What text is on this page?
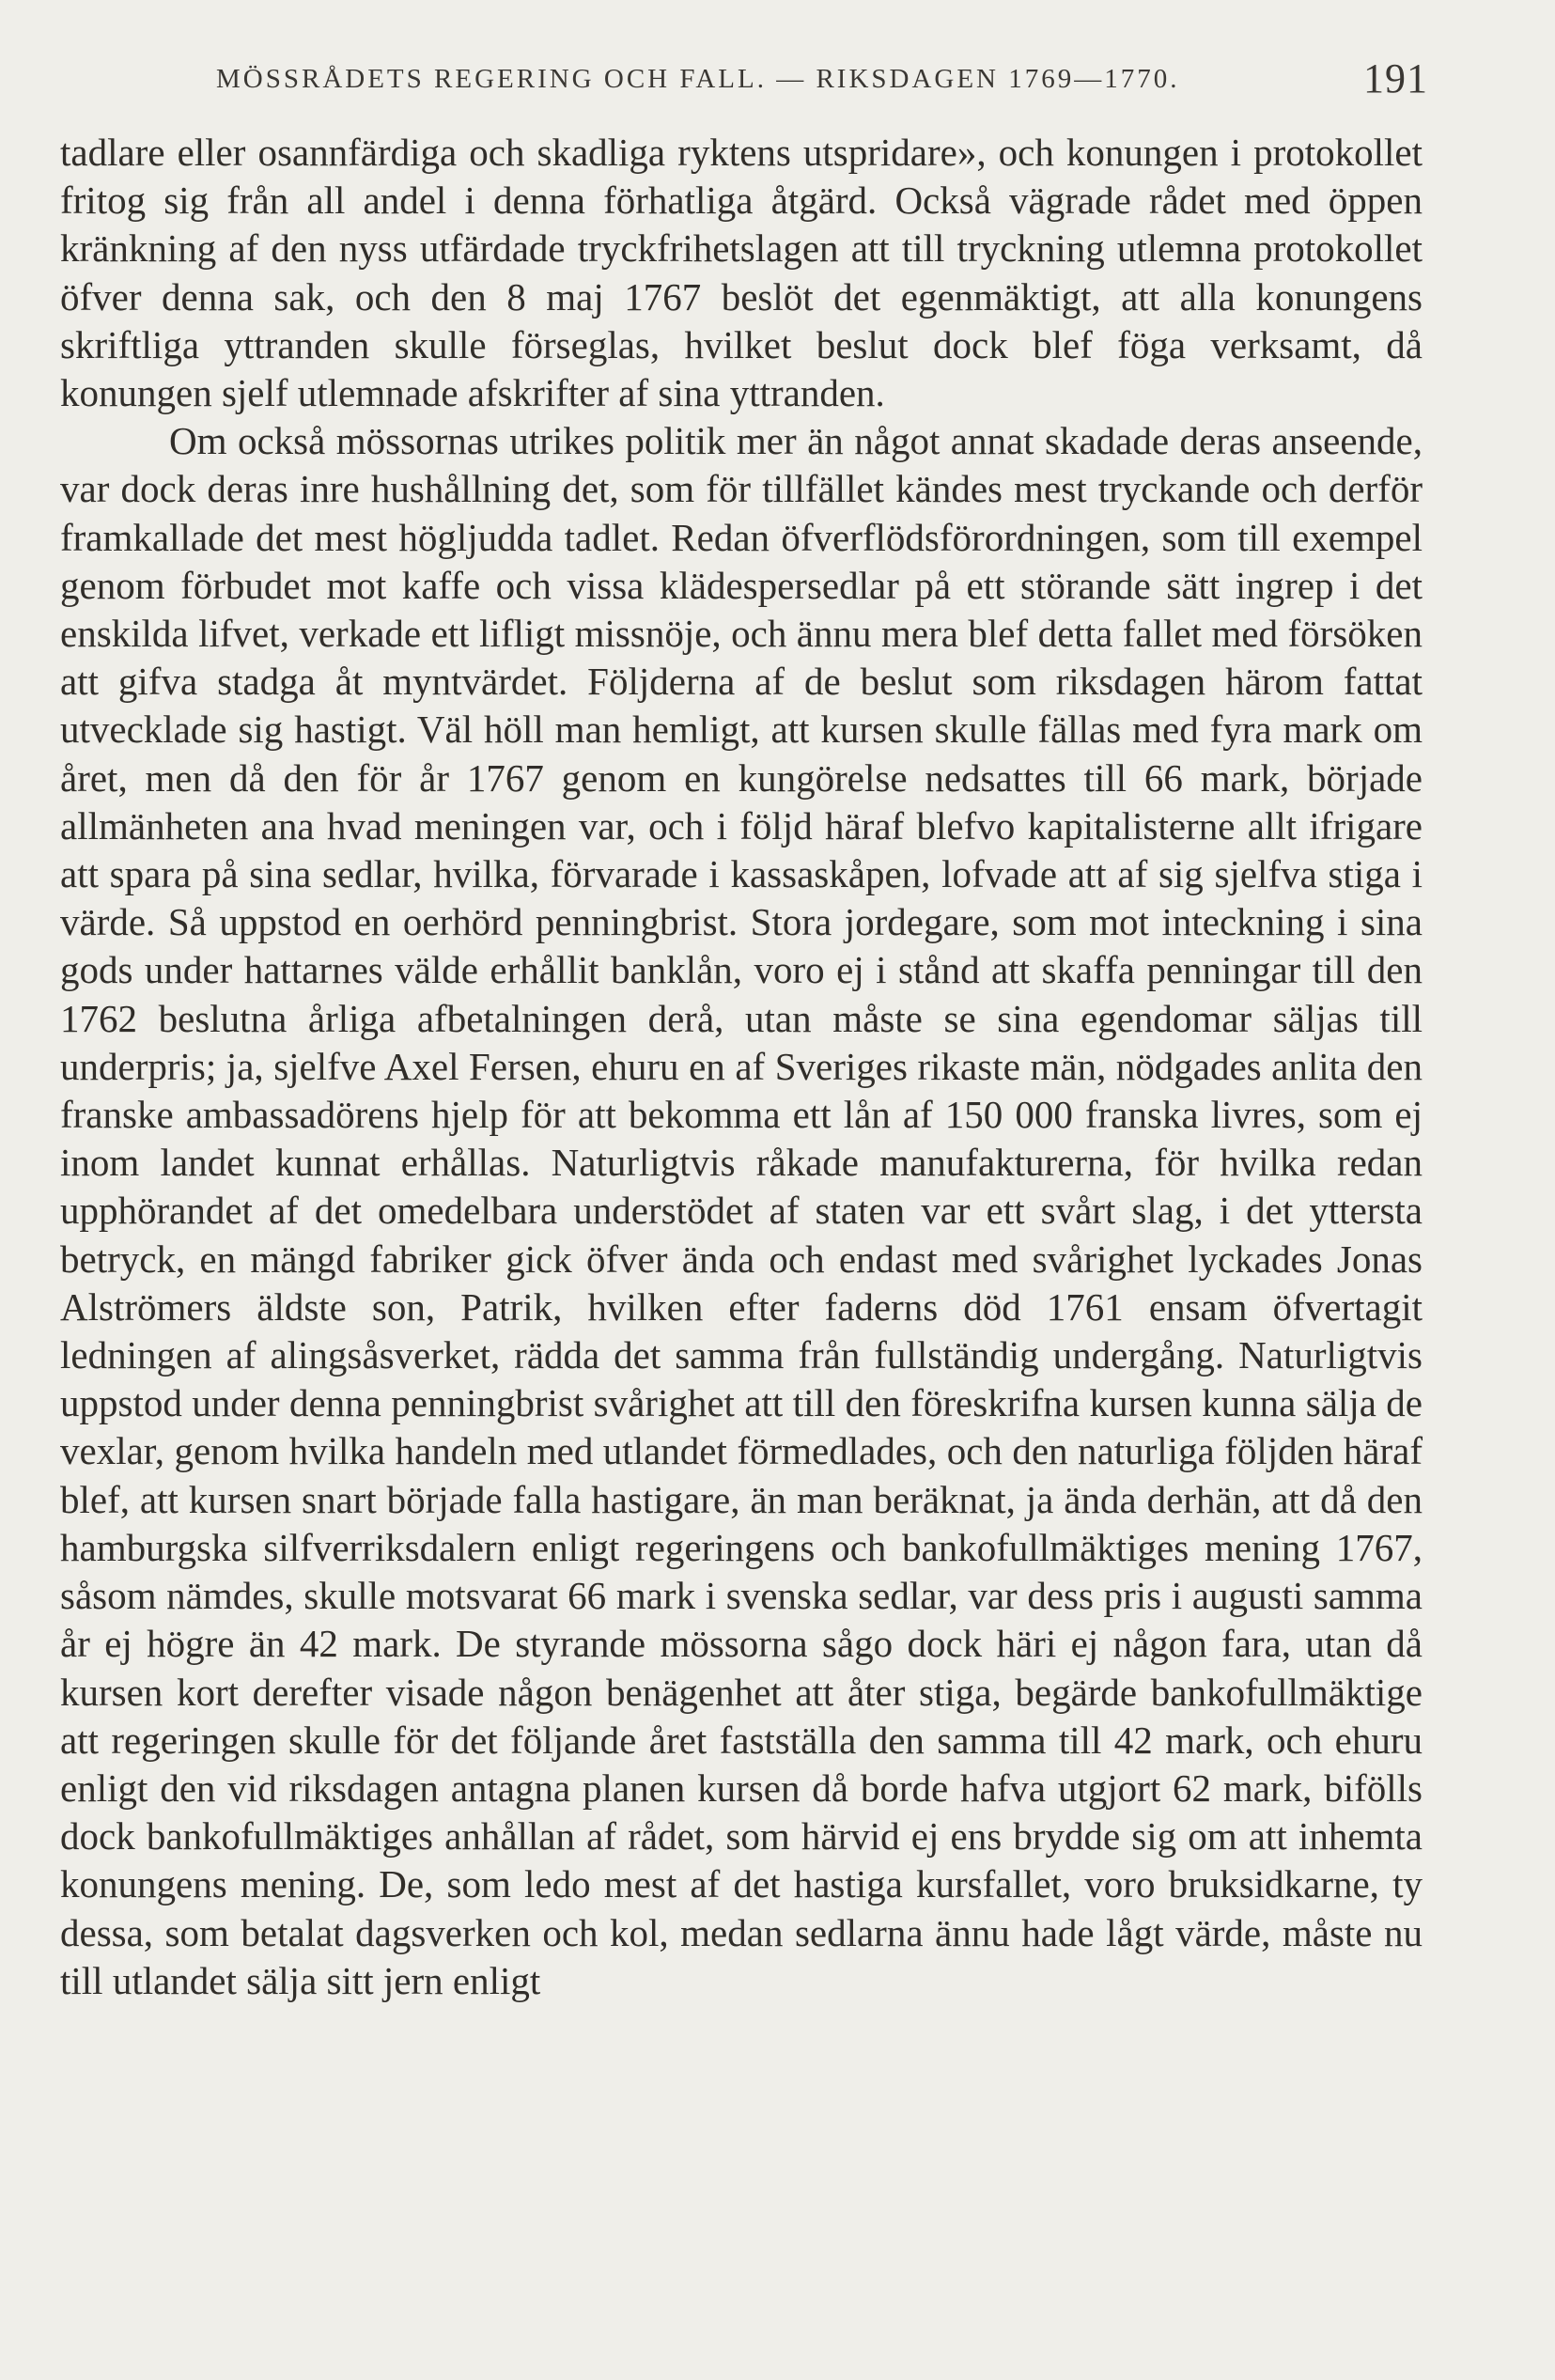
MÖSSRÅDETS REGERING OCH FALL. — RIKSDAGEN 1769—1770.	191

tadlare eller osannfärdiga och skadliga ryktens utspridare», och konungen i protokollet fritog sig från all andel i denna förhatliga åtgärd. Också vägrade rådet med öppen kränkning af den nyss utfärdade tryckfrihetslagen att till tryckning utlemna protokollet öfver denna sak, och den 8 maj 1767 beslöt det egenmäktigt, att alla konungens skriftliga yttranden skulle förseglas, hvilket beslut dock blef föga verksamt, då konungen sjelf utlemnade afskrifter af sina yttranden.

Om också mössornas utrikes politik mer än något annat skadade deras anseende, var dock deras inre hushållning det, som för tillfället kändes mest tryckande och derför framkallade det mest högljudda tadlet. Redan öfverflödsförordningen, som till exempel genom förbudet mot kaffe och vissa klädespersedlar på ett störande sätt ingrep i det enskilda lifvet, verkade ett lifligt missnöje, och ännu mera blef detta fallet med försöken att gifva stadga åt myntvärdet. Följderna af de beslut som riksdagen härom fattat utvecklade sig hastigt. Väl höll man hemligt, att kursen skulle fällas med fyra mark om året, men då den för år 1767 genom en kungörelse nedsattes till 66 mark, började allmänheten ana hvad meningen var, och i följd häraf blefvo kapitalisterne allt ifrigare att spara på sina sedlar, hvilka, förvarade i kassaskåpen, lofvade att af sig sjelfva stiga i värde. Så uppstod en oerhörd penningbrist. Stora jordegare, som mot inteckning i sina gods under hattarnes välde erhållit banklån, voro ej i stånd att skaffa penningar till den 1762 beslutna årliga afbetalningen derå, utan måste se sina egendomar säljas till underpris; ja, sjelfve Axel Fersen, ehuru en af Sveriges rikaste män, nödgades anlita den franske ambassadörens hjelp för att bekomma ett lån af 150 000 franska livres, som ej inom landet kunnat erhållas. Naturligtvis råkade manufakturerna, för hvilka redan upphörandet af det omedelbara understödet af staten var ett svårt slag, i det yttersta betryck, en mängd fabriker gick öfver ända och endast med svårighet lyckades Jonas Alströmers äldste son, Patrik, hvilken efter faderns död 1761 ensam öfvertagit ledningen af alingsåsverket, rädda det samma från fullständig undergång. Naturligtvis uppstod under denna penningbrist svårighet att till den föreskrifna kursen kunna sälja de vexlar, genom hvilka handeln med utlandet förmedlades, och den naturliga följden häraf blef, att kursen snart började falla hastigare, än man beräknat, ja ända derhän, att då den hamburgska silfverriksdalern enligt regeringens och bankofullmäktiges mening 1767, såsom nämdes, skulle motsvarat 66 mark i svenska sedlar, var dess pris i augusti samma år ej högre än 42 mark. De styrande mössorna sågo dock häri ej någon fara, utan då kursen kort derefter visade någon benägenhet att åter stiga, begärde bankofullmäktige att regeringen skulle för det följande året fastställa den samma till 42 mark, och ehuru enligt den vid riksdagen antagna planen kursen då borde hafva utgjort 62 mark, bifölls dock bankofullmäktiges anhållan af rådet, som härvid ej ens brydde sig om att inhemta konungens mening. De, som ledo mest af det hastiga kursfallet, voro bruksidkarne, ty dessa, som betalat dagsverken och kol, medan sedlarna ännu hade lågt värde, måste nu till utlandet sälja sitt jern enligt
